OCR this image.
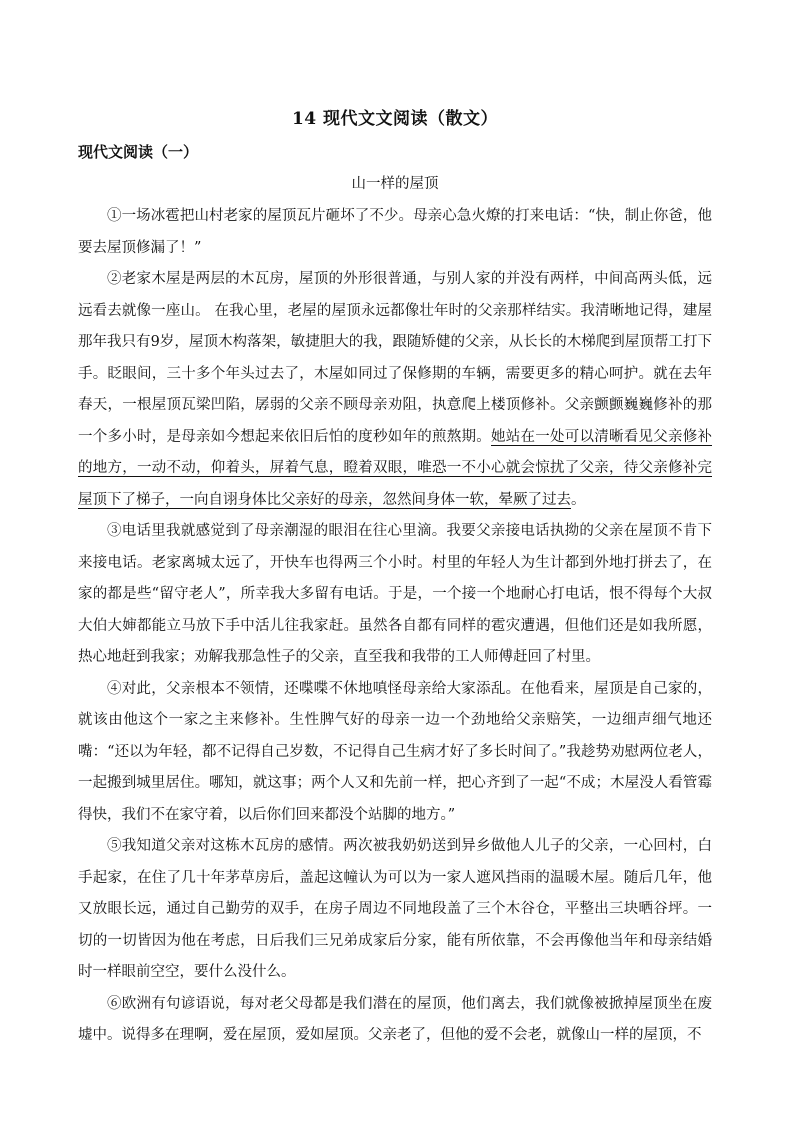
14 现代文文阅读（散文）
现代文阅读（一）
山一样的屋顶

①一场冰雹把山村老家的屋顶瓦片砸坏了不少。母亲心急火燎的打来电话：“快，制止你爸，他要去屋顶修漏了！”

②老家木屋是两层的木瓦房，屋顶的外形很普通，与别人家的并没有两样，中间高两头低，远远看去就像一座山。 在我心里，老屋的屋顶永远都像壮年时的父亲那样结实。我清晰地记得，建屋那年我只有9岁，屋顶木构落架，敏捷胆大的我，跟随矫健的父亲，从长长的木梯爬到屋顶帮工打下手。眨眼间，三十多个年头过去了，木屋如同过了保修期的车辆，需要更多的精心呵护。就在去年春天，一根屋顶瓦梁凹陷，孱弱的父亲不顾母亲劝阻，执意爬上楼顶修补。父亲颤颤巍巍修补的那一个多小时，是母亲如今想起来依旧后怕的度秒如年的煎熬期。她站在一处可以清晰看见父亲修补的地方，一动不动，仰着头，屏着气息，瞪着双眼，唯恐一不小心就会惊扰了父亲，待父亲修补完屋顶下了梯子，一向自诩身体比父亲好的母亲，忽然间身体一软，晕厥了过去。

③电话里我就感觉到了母亲潮湿的眼泪在往心里滴。我要父亲接电话执拗的父亲在屋顶不肯下来接电话。老家离城太远了，开快车也得两三个小时。村里的年轻人为生计都到外地打拼去了，在家的都是些“留守老人”，所幸我大多留有电话。于是，一个接一个地耐心打电话，恨不得每个大叔大伯大婶都能立马放下手中活儿往我家赶。虽然各自都有同样的雹灾遭遇，但他们还是如我所愿，热心地赶到我家；劝解我那急性子的父亲，直至我和我带的工人师傅赶回了村里。

④对此，父亲根本不领情，还喋喋不休地嗔怪母亲给大家添乱。在他看来，屋顶是自己家的，就该由他这个一家之主来修补。生性脾气好的母亲一边一个劲地给父亲赔笑，一边细声细气地还嘴：“还以为年轻，都不记得自己岁数，不记得自己生病才好了多长时间了。”我趁势劝慰两位老人，一起搬到城里居住。哪知，就这事；两个人又和先前一样，把心齐到了一起“不成；木屋没人看管霉得快，我们不在家守着，以后你们回来都没个站脚的地方。”

⑤我知道父亲对这栋木瓦房的感情。两次被我奶奶送到异乡做他人儿子的父亲，一心回村，白手起家，在住了几十年茅草房后，盖起这幢认为可以为一家人遮风挡雨的温暖木屋。随后几年，他又放眼长远，通过自己勤劳的双手，在房子周边不同地段盖了三个木谷仓，平整出三块晒谷坪。一切的一切皆因为他在考虑，日后我们三兄弟成家后分家，能有所依靠，不会再像他当年和母亲结婚时一样眼前空空，要什么没什么。

⑥欧洲有句谚语说，每对老父母都是我们潜在的屋顶，他们离去，我们就像被掀掉屋顶坐在废墟中。说得多在理啊，爱在屋顶，爱如屋顶。父亲老了，但他的爱不会老，就像山一样的屋顶，不
